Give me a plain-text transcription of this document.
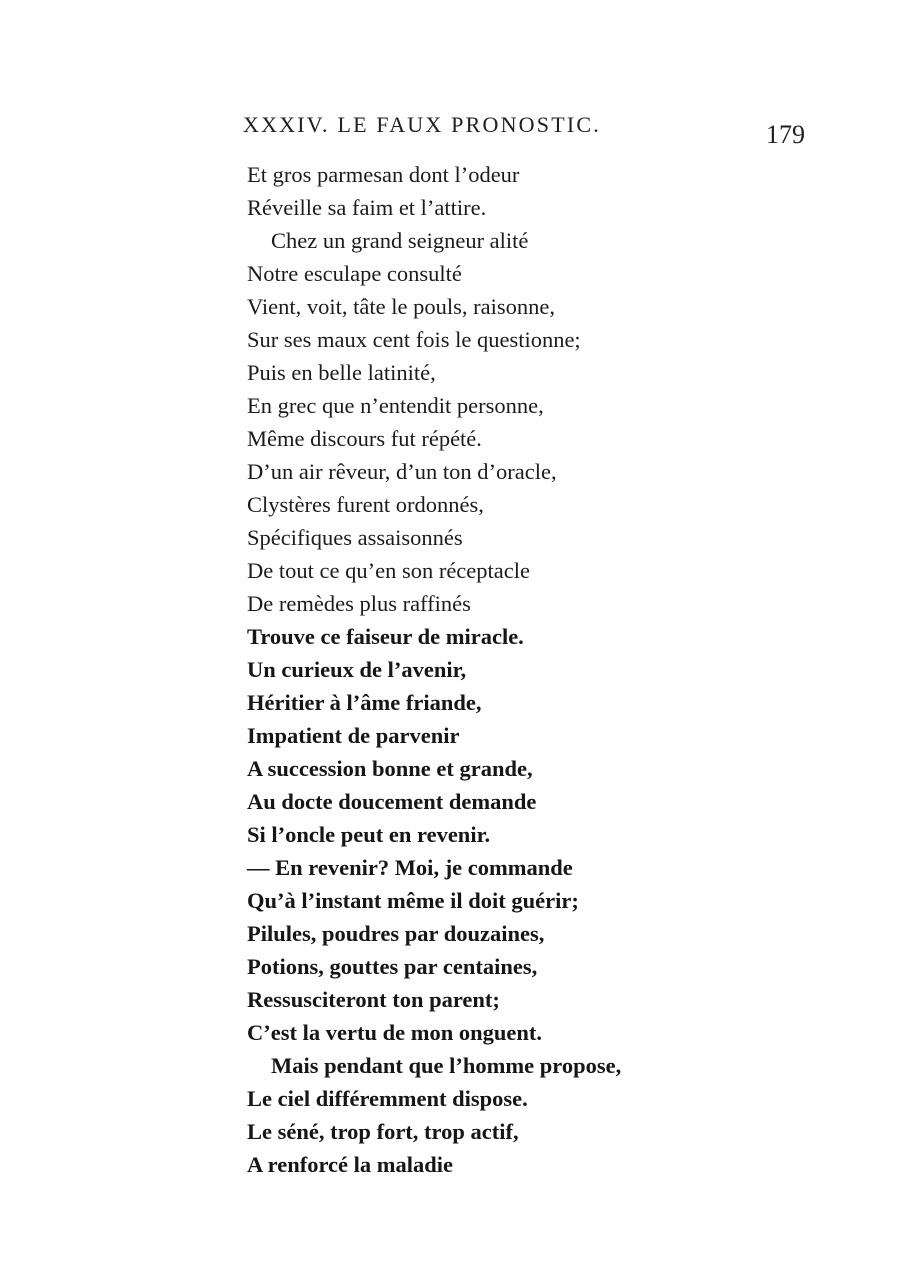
XXXIV. LE FAUX PRONOSTIC.	179
Et gros parmesan dont l’odeur
Réveille sa faim et l’attire.
Chez un grand seigneur alité
Notre esculape consulté
Vient, voit, tâte le pouls, raisonne,
Sur ses maux cent fois le questionne;
Puis en belle latinité,
En grec que n’entendit personne,
Même discours fut répété.
D’un air rêveur, d’un ton d’oracle,
Clystères furent ordonnés,
Spécifiques assaisonnés
De tout ce qu’en son réceptacle
De remèdes plus raffinés
Trouve ce faiseur de miracle.
Un curieux de l’avenir,
Héritier à l’âme friande,
Impatient de parvenir
A succession bonne et grande,
Au docte doucement demande
Si l’oncle peut en revenir.
— En revenir? Moi, je commande
Qu’à l’instant même il doit guérir;
Pilules, poudres par douzaines,
Potions, gouttes par centaines,
Ressusciteront ton parent;
C’est la vertu de mon onguent.
Mais pendant que l’homme propose,
Le ciel différemment dispose.
Le séné, trop fort, trop actif,
A renforcé la maladie
